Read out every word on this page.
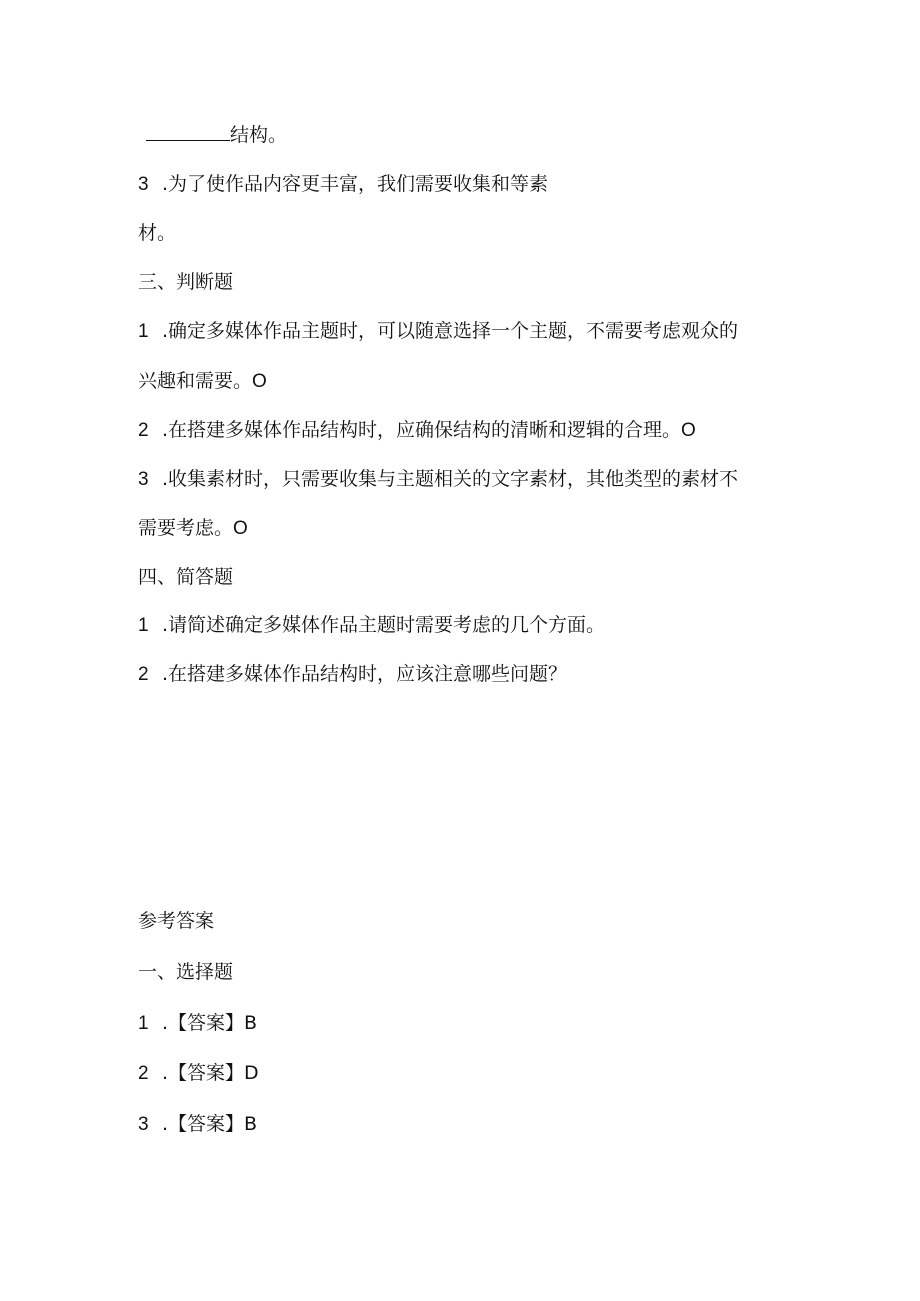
结构。
3 .为了使作品内容更丰富，我们需要收集和等素
材。
三、判断题
1 .确定多媒体作品主题时，可以随意选择一个主题，不需要考虑观众的
兴趣和需要。O
2 .在搭建多媒体作品结构时，应确保结构的清晰和逻辑的合理。O
3 .收集素材时，只需要收集与主题相关的文字素材，其他类型的素材不
需要考虑。O
四、简答题
1 .请简述确定多媒体作品主题时需要考虑的几个方面。
2 .在搭建多媒体作品结构时，应该注意哪些问题？
参考答案
一、选择题
1 .【答案】B
2 .【答案】D
3 .【答案】B
